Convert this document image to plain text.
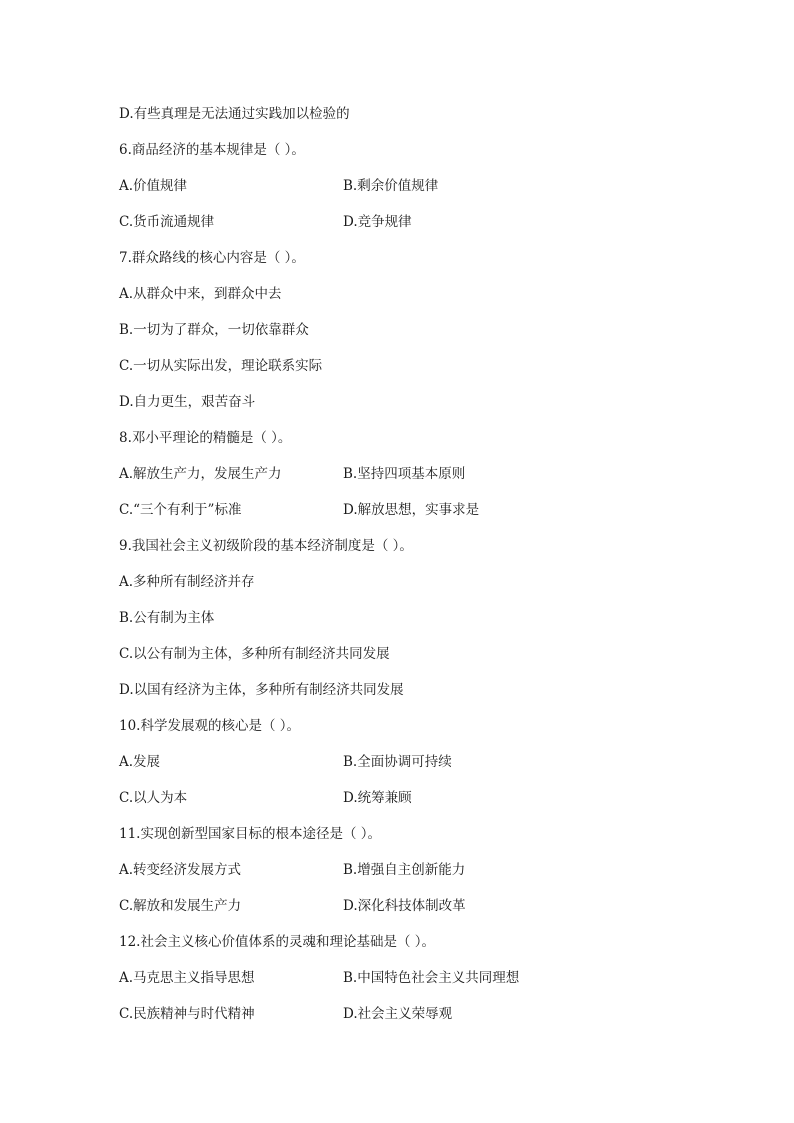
D.有些真理是无法通过实践加以检验的
6.商品经济的基本规律是（ ）。
A.价值规律	B.剩余价值规律
C.货币流通规律	D.竞争规律
7.群众路线的核心内容是（ ）。
A.从群众中来，到群众中去
B.一切为了群众，一切依靠群众
C.一切从实际出发，理论联系实际
D.自力更生，艰苦奋斗
8.邓小平理论的精髓是（ ）。
A.解放生产力，发展生产力	B.坚持四项基本原则
C.“三个有利于”标准	D.解放思想，实事求是
9.我国社会主义初级阶段的基本经济制度是（ ）。
A.多种所有制经济并存
B.公有制为主体
C.以公有制为主体，多种所有制经济共同发展
D.以国有经济为主体，多种所有制经济共同发展
10.科学发展观的核心是（ ）。
A.发展	B.全面协调可持续
C.以人为本	D.统筹兼顾
11.实现创新型国家目标的根本途径是（ ）。
A.转变经济发展方式	B.增强自主创新能力
C.解放和发展生产力	D.深化科技体制改革
12.社会主义核心价值体系的灵魂和理论基础是（ ）。
A.马克思主义指导思想	B.中国特色社会主义共同理想
C.民族精神与时代精神	D.社会主义荣辱观
